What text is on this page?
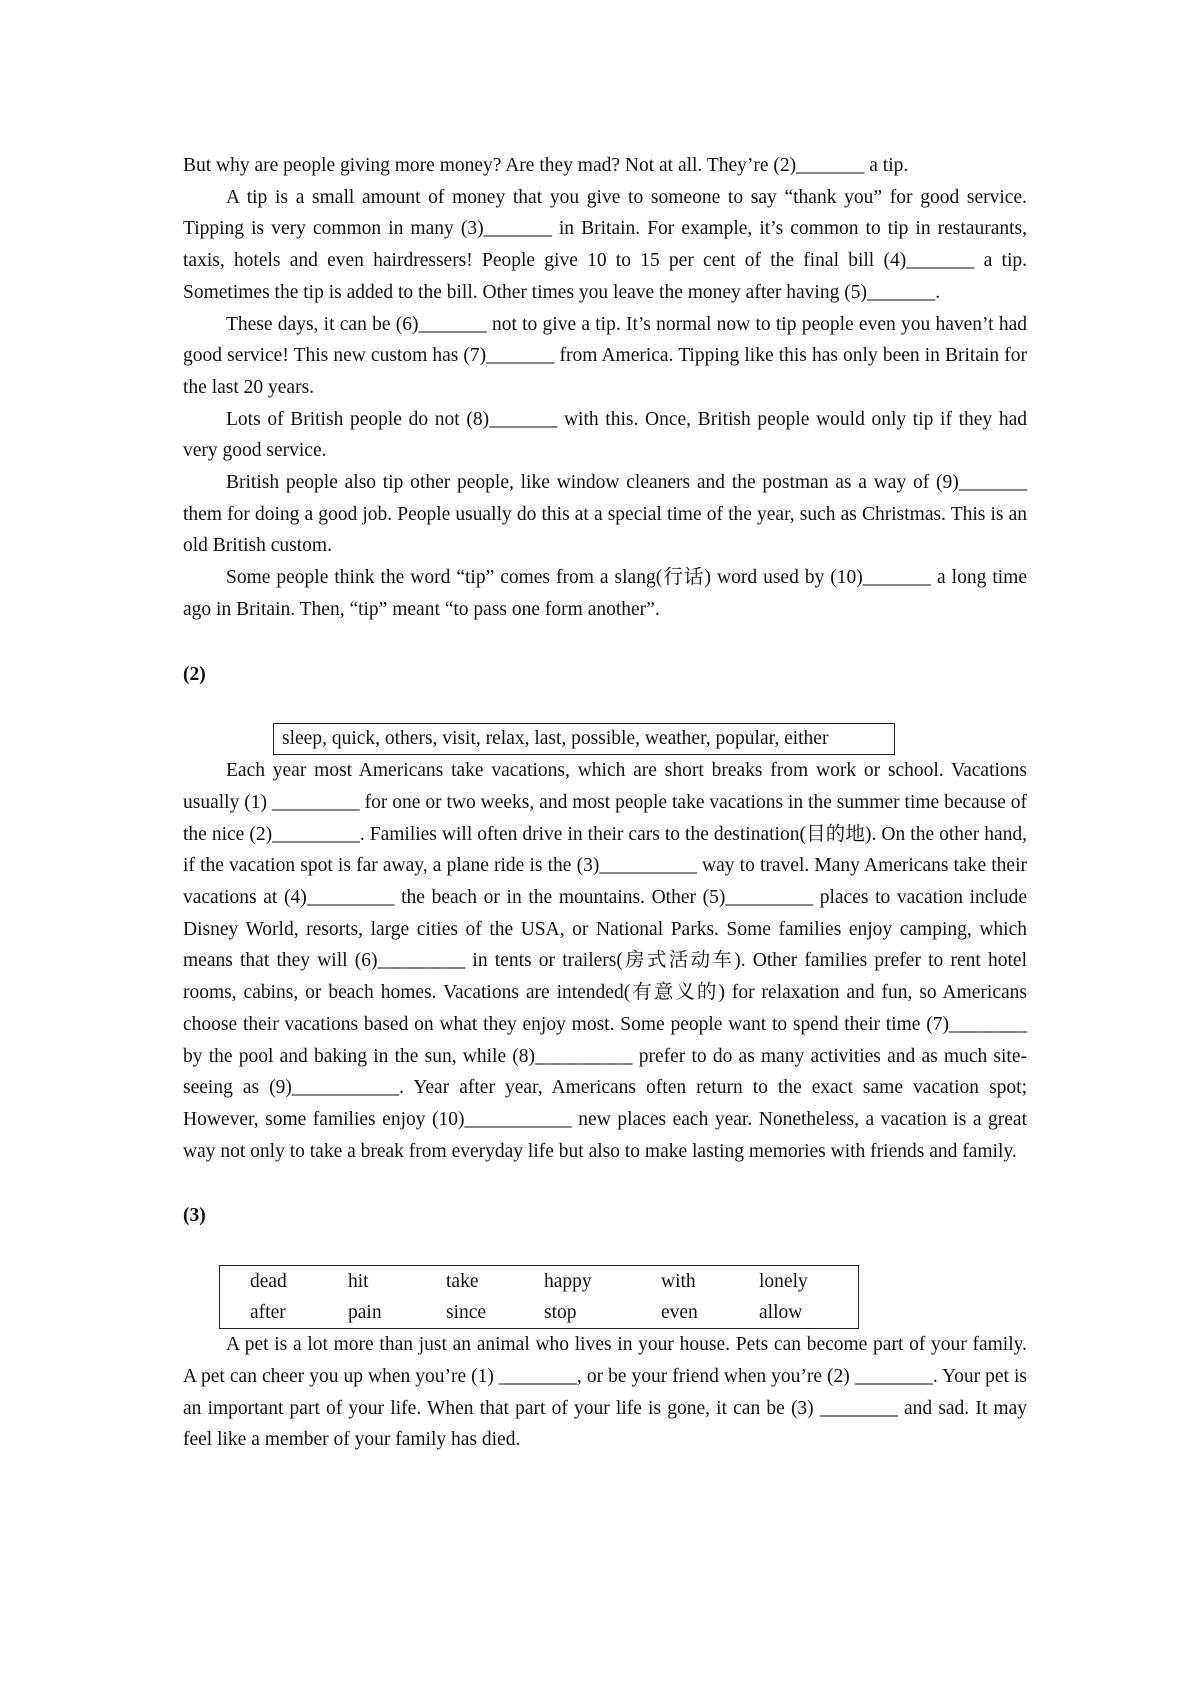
But why are people giving more money? Are they mad? Not at all. They’re (2)_______ a tip.

A tip is a small amount of money that you give to someone to say “thank you” for good service. Tipping is very common in many (3)_______ in Britain. For example, it’s common to tip in restaurants, taxis, hotels and even hairdressers! People give 10 to 15 per cent of the final bill (4)_______ a tip. Sometimes the tip is added to the bill. Other times you leave the money after having (5)_______.

These days, it can be (6)_______ not to give a tip. It’s normal now to tip people even you haven’t had good service! This new custom has (7)_______ from America. Tipping like this has only been in Britain for the last 20 years.

Lots of British people do not (8)_______ with this. Once, British people would only tip if they had very good service.

British people also tip other people, like window cleaners and the postman as a way of (9)_______ them for doing a good job. People usually do this at a special time of the year, such as Christmas. This is an old British custom.

Some people think the word “tip” comes from a slang(行话) word used by (10)_______ a long time ago in Britain. Then, “tip” meant “to pass one form another”.

(2)
sleep, quick, others, visit, relax, last, possible, weather, popular, either

Each year most Americans take vacations, which are short breaks from work or school. Vacations usually (1) _________ for one or two weeks, and most people take vacations in the summer time because of the nice (2)_________. Families will often drive in their cars to the destination(目的地). On the other hand, if the vacation spot is far away, a plane ride is the (3)__________ way to travel. Many Americans take their vacations at (4)_________ the beach or in the mountains. Other (5)_________ places to vacation include Disney World, resorts, large cities of the USA, or National Parks. Some families enjoy camping, which means that they will (6)_________ in tents or trailers(房式活动车). Other families prefer to rent hotel rooms, cabins, or beach homes. Vacations are intended(有意义的) for relaxation and fun, so Americans choose their vacations based on what they enjoy most. Some people want to spend their time (7)________ by the pool and baking in the sun, while (8)__________ prefer to do as many activities and as much site-seeing as (9)___________. Year after year, Americans often return to the exact same vacation spot; However, some families enjoy (10)___________ new places each year. Nonetheless, a vacation is a great way not only to take a break from everyday life but also to make lasting memories with friends and family.

(3)
dead	hit	take	happy	with	lonely
after	pain	since	stop	even	allow

A pet is a lot more than just an animal who lives in your house. Pets can become part of your family. A pet can cheer you up when you’re (1) ________, or be your friend when you’re (2) ________. Your pet is an important part of your life. When that part of your life is gone, it can be (3) ________ and sad. It may feel like a member of your family has died.
